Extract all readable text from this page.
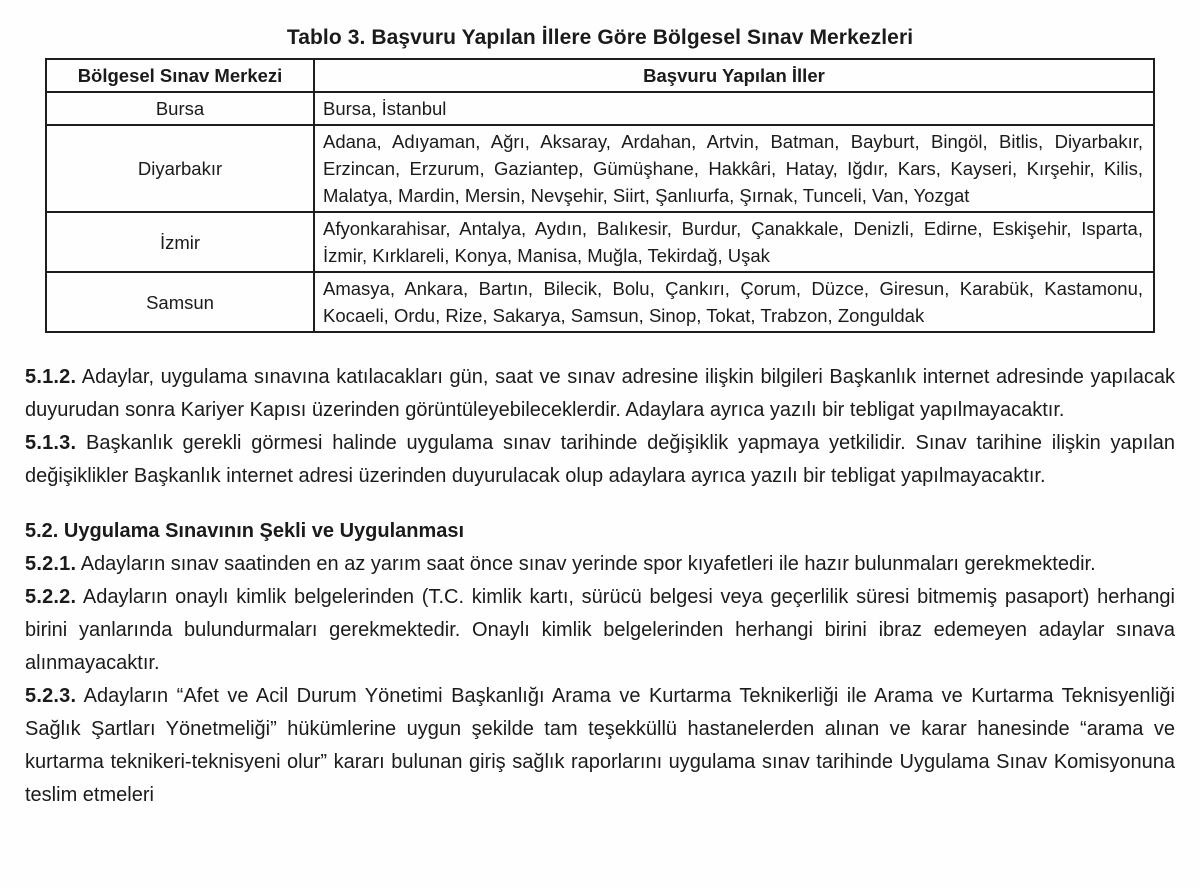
Tablo 3. Başvuru Yapılan İllere Göre Bölgesel Sınav Merkezleri
Bölgesel Sınav Merkezi	Başvuru Yapılan İller
Bursa	Bursa, İstanbul
Diyarbakır	Adana, Adıyaman, Ağrı, Aksaray, Ardahan, Artvin, Batman, Bayburt, Bingöl, Bitlis, Diyarbakır, Erzincan, Erzurum, Gaziantep, Gümüşhane, Hakkâri, Hatay, Iğdır, Kars, Kayseri, Kırşehir, Kilis, Malatya, Mardin, Mersin, Nevşehir, Siirt, Şanlıurfa, Şırnak, Tunceli, Van, Yozgat
İzmir	Afyonkarahisar, Antalya, Aydın, Balıkesir, Burdur, Çanakkale, Denizli, Edirne, Eskişehir, Isparta, İzmir, Kırklareli, Konya, Manisa, Muğla, Tekirdağ, Uşak
Samsun	Amasya, Ankara, Bartın, Bilecik, Bolu, Çankırı, Çorum, Düzce, Giresun, Karabük, Kastamonu, Kocaeli, Ordu, Rize, Sakarya, Samsun, Sinop, Tokat, Trabzon, Zonguldak

5.1.2. Adaylar, uygulama sınavına katılacakları gün, saat ve sınav adresine ilişkin bilgileri Başkanlık internet adresinde yapılacak duyurudan sonra Kariyer Kapısı üzerinden görüntüleyebileceklerdir. Adaylara ayrıca yazılı bir tebligat yapılmayacaktır.

5.1.3. Başkanlık gerekli görmesi halinde uygulama sınav tarihinde değişiklik yapmaya yetkilidir. Sınav tarihine ilişkin yapılan değişiklikler Başkanlık internet adresi üzerinden duyurulacak olup adaylara ayrıca yazılı bir tebligat yapılmayacaktır.

5.2. Uygulama Sınavının Şekli ve Uygulanması

5.2.1. Adayların sınav saatinden en az yarım saat önce sınav yerinde spor kıyafetleri ile hazır bulunmaları gerekmektedir.

5.2.2. Adayların onaylı kimlik belgelerinden (T.C. kimlik kartı, sürücü belgesi veya geçerlilik süresi bitmemiş pasaport) herhangi birini yanlarında bulundurmaları gerekmektedir. Onaylı kimlik belgelerinden herhangi birini ibraz edemeyen adaylar sınava alınmayacaktır.

5.2.3. Adayların “Afet ve Acil Durum Yönetimi Başkanlığı Arama ve Kurtarma Teknikerliği ile Arama ve Kurtarma Teknisyenliği Sağlık Şartları Yönetmeliği” hükümlerine uygun şekilde tam teşekküllü hastanelerden alınan ve karar hanesinde “arama ve kurtarma teknikeri-teknisyeni olur” kararı bulunan giriş sağlık raporlarını uygulama sınav tarihinde Uygulama Sınav Komisyonuna teslim etmeleri
